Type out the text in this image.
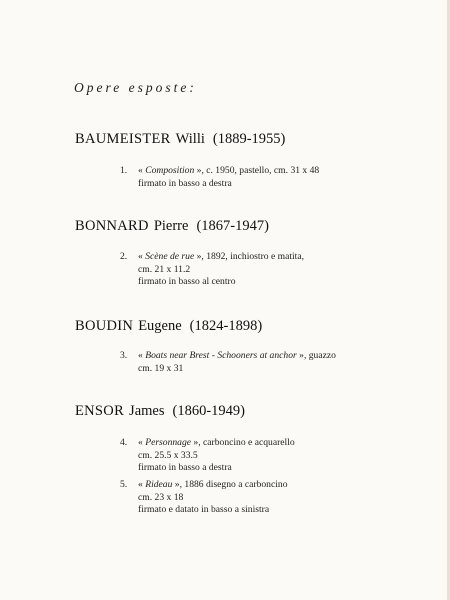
Opere esposte:
BAUMEISTER Willi (1889-1955)
1. « Composition », c. 1950, pastello, cm. 31 x 48
firmato in basso a destra
BONNARD Pierre (1867-1947)
2. « Scène de rue », 1892, inchiostro e matita,
cm. 21 x 11.2
firmato in basso al centro
BOUDIN Eugene (1824-1898)
3. « Boats near Brest - Schooners at anchor », guazzo
cm. 19 x 31
ENSOR James (1860-1949)
4. « Personnage », carboncino e acquarello
cm. 25.5 x 33.5
firmato in basso a destra
5. « Rideau », 1886 disegno a carboncino
cm. 23 x 18
firmato e datato in basso a sinistra
